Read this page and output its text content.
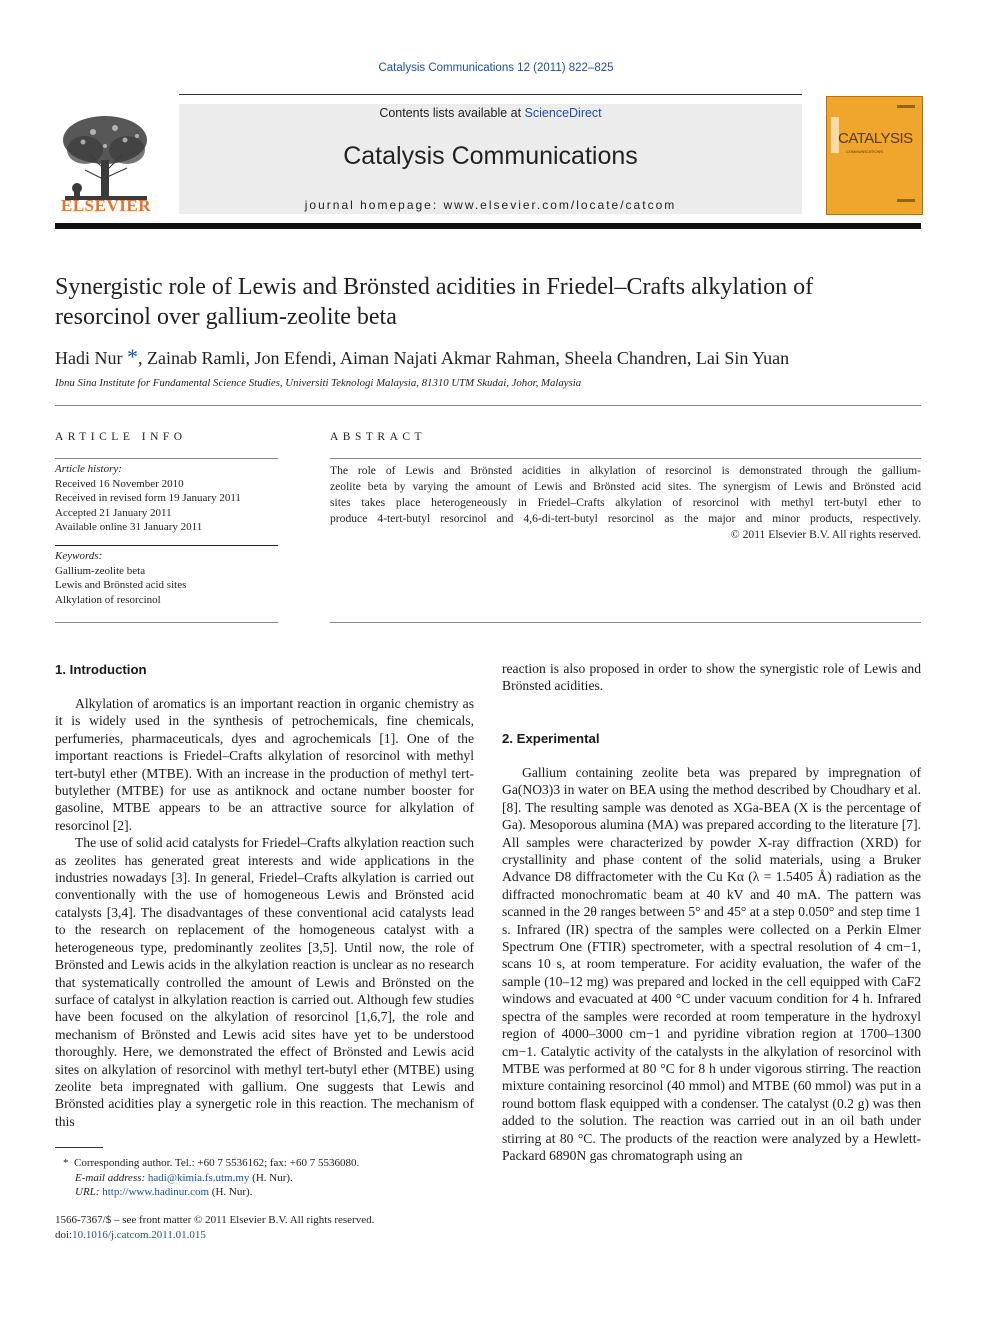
Catalysis Communications 12 (2011) 822–825
ELSEVIER
Contents lists available at ScienceDirect
Catalysis Communications
journal homepage: www.elsevier.com/locate/catcom
CATALYSIS
COMMUNICATIONS
Synergistic role of Lewis and Brönsted acidities in Friedel–Crafts alkylation of
resorcinol over gallium-zeolite beta
Hadi Nur *, Zainab Ramli, Jon Efendi, Aiman Najati Akmar Rahman, Sheela Chandren, Lai Sin Yuan
Ibnu Sina Institute for Fundamental Science Studies, Universiti Teknologi Malaysia, 81310 UTM Skudai, Johor, Malaysia
ARTICLE INFO
Article history:
Received 16 November 2010
Received in revised form 19 January 2011
Accepted 21 January 2011
Available online 31 January 2011
Keywords:
Gallium-zeolite beta
Lewis and Brönsted acid sites
Alkylation of resorcinol
ABSTRACT
The role of Lewis and Brönsted acidities in alkylation of resorcinol is demonstrated through the gallium-
zeolite beta by varying the amount of Lewis and Brönsted acid sites. The synergism of Lewis and Brönsted acid
sites takes place heterogeneously in Friedel–Crafts alkylation of resorcinol with methyl tert-butyl ether to
produce 4-tert-butyl resorcinol and 4,6-di-tert-butyl resorcinol as the major and minor products, respectively.
© 2011 Elsevier B.V. All rights reserved.
1. Introduction

Alkylation of aromatics is an important reaction in organic chemistry as it is widely used in the synthesis of petrochemicals, fine chemicals, perfumeries, pharmaceuticals, dyes and agrochemicals [1]. One of the important reactions is Friedel–Crafts alkylation of resorcinol with methyl tert-butyl ether (MTBE). With an increase in the production of methyl tert-butylether (MTBE) for use as antiknock and octane number booster for gasoline, MTBE appears to be an attractive source for alkylation of resorcinol [2].

The use of solid acid catalysts for Friedel–Crafts alkylation reaction such as zeolites has generated great interests and wide applications in the industries nowadays [3]. In general, Friedel–Crafts alkylation is carried out conventionally with the use of homogeneous Lewis and Brönsted acid catalysts [3,4]. The disadvantages of these conventional acid catalysts lead to the research on replacement of the homogeneous catalyst with a heterogeneous type, predominantly zeolites [3,5]. Until now, the role of Brönsted and Lewis acids in the alkylation reaction is unclear as no research that systematically controlled the amount of Lewis and Brönsted on the surface of catalyst in alkylation reaction is carried out. Although few studies have been focused on the alkylation of resorcinol [1,6,7], the role and mechanism of Brönsted and Lewis acid sites have yet to be understood thoroughly. Here, we demonstrated the effect of Brönsted and Lewis acid sites on alkylation of resorcinol with methyl tert-butyl ether (MTBE) using zeolite beta impregnated with gallium. One suggests that Lewis and Brönsted acidities play a synergetic role in this reaction. The mechanism of this

* Corresponding author. Tel.: +60 7 5536162; fax: +60 7 5536080.
E-mail address: hadi@kimia.fs.utm.my (H. Nur).
URL: http://www.hadinur.com (H. Nur).
1566-7367/$ – see front matter © 2011 Elsevier B.V. All rights reserved.
doi:10.1016/j.catcom.2011.01.015

reaction is also proposed in order to show the synergistic role of Lewis and Brönsted acidities.

2. Experimental

Gallium containing zeolite beta was prepared by impregnation of Ga(NO3)3 in water on BEA using the method described by Choudhary et al. [8]. The resulting sample was denoted as XGa-BEA (X is the percentage of Ga). Mesoporous alumina (MA) was prepared according to the literature [7]. All samples were characterized by powder X-ray diffraction (XRD) for crystallinity and phase content of the solid materials, using a Bruker Advance D8 diffractometer with the Cu Kα (λ = 1.5405 Å) radiation as the diffracted monochromatic beam at 40 kV and 40 mA. The pattern was scanned in the 2θ ranges between 5° and 45° at a step 0.050° and step time 1 s. Infrared (IR) spectra of the samples were collected on a Perkin Elmer Spectrum One (FTIR) spectrometer, with a spectral resolution of 4 cm−1, scans 10 s, at room temperature. For acidity evaluation, the wafer of the sample (10–12 mg) was prepared and locked in the cell equipped with CaF2 windows and evacuated at 400 °C under vacuum condition for 4 h. Infrared spectra of the samples were recorded at room temperature in the hydroxyl region of 4000–3000 cm−1 and pyridine vibration region at 1700–1300 cm−1. Catalytic activity of the catalysts in the alkylation of resorcinol with MTBE was performed at 80 °C for 8 h under vigorous stirring. The reaction mixture containing resorcinol (40 mmol) and MTBE (60 mmol) was put in a round bottom flask equipped with a condenser. The catalyst (0.2 g) was then added to the solution. The reaction was carried out in an oil bath under stirring at 80 °C. The products of the reaction were analyzed by a Hewlett-Packard 6890N gas chromatograph using an
